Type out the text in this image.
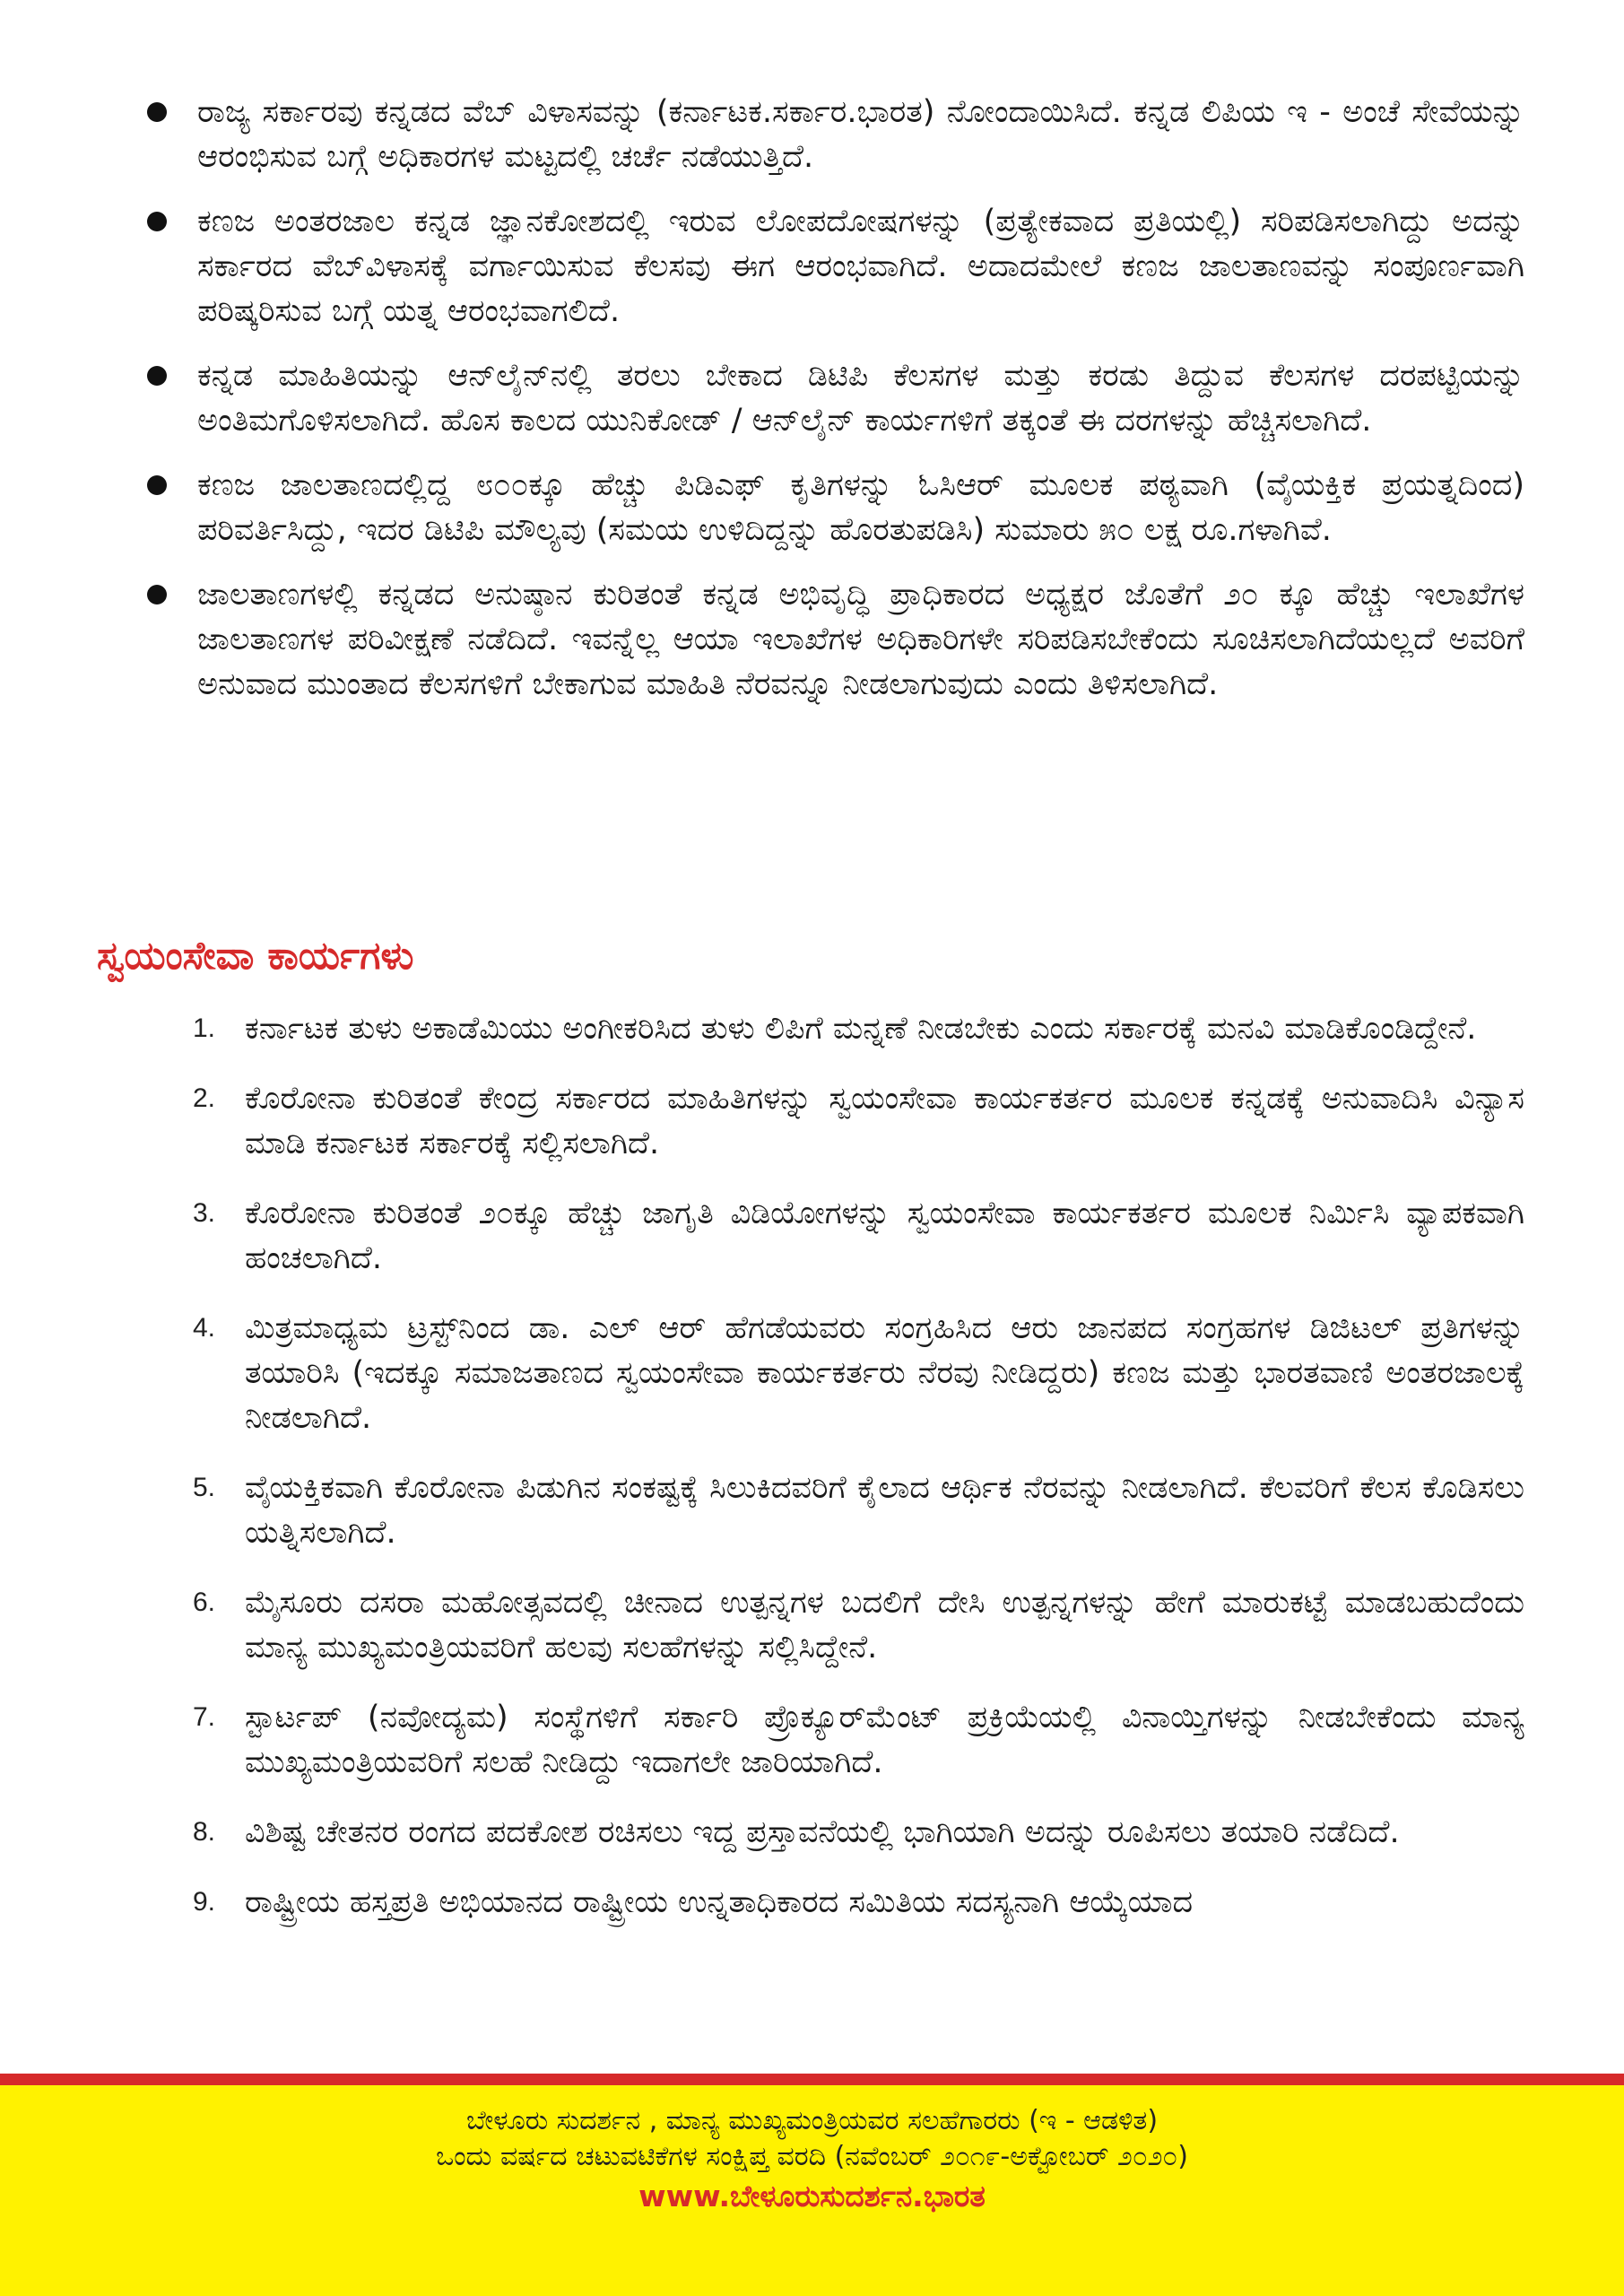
ರಾಜ್ಯ ಸರ್ಕಾರವು ಕನ್ನಡದ ವೆಬ್ ವಿಳಾಸವನ್ನು (ಕರ್ನಾಟಕ.ಸರ್ಕಾರ.ಭಾರತ) ನೋಂದಾಯಿಸಿದೆ. ಕನ್ನಡ ಲಿಪಿಯ ಇ - ಅಂಚೆ ಸೇವೆಯನ್ನು ಆರಂಭಿಸುವ ಬಗ್ಗೆ ಅಧಿಕಾರಗಳ ಮಟ್ಟದಲ್ಲಿ ಚರ್ಚೆ ನಡೆಯುತ್ತಿದೆ.
ಕಣಜ ಅಂತರಜಾಲ ಕನ್ನಡ ಜ್ಞಾನಕೋಶದಲ್ಲಿ ಇರುವ ಲೋಪದೋಷಗಳನ್ನು (ಪ್ರತ್ಯೇಕವಾದ ಪ್ರತಿಯಲ್ಲಿ) ಸರಿಪಡಿಸಲಾಗಿದ್ದು ಅದನ್ನು ಸರ್ಕಾರದ ವೆಬ್‌ವಿಳಾಸಕ್ಕೆ ವರ್ಗಾಯಿಸುವ ಕೆಲಸವು ಈಗ ಆರಂಭವಾಗಿದೆ. ಅದಾದಮೇಲೆ ಕಣಜ ಜಾಲತಾಣವನ್ನು ಸಂಪೂರ್ಣವಾಗಿ ಪರಿಷ್ಕರಿಸುವ ಬಗ್ಗೆ ಯತ್ನ ಆರಂಭವಾಗಲಿದೆ.
ಕನ್ನಡ ಮಾಹಿತಿಯನ್ನು ಆನ್‌ಲೈನ್‌ನಲ್ಲಿ ತರಲು ಬೇಕಾದ ಡಿಟಿಪಿ ಕೆಲಸಗಳ ಮತ್ತು ಕರಡು ತಿದ್ದುವ ಕೆಲಸಗಳ ದರಪಟ್ಟಿಯನ್ನು ಅಂತಿಮಗೊಳಿಸಲಾಗಿದೆ. ಹೊಸ ಕಾಲದ ಯುನಿಕೋಡ್ / ಆನ್‌ಲೈನ್ ಕಾರ್ಯಗಳಿಗೆ ತಕ್ಕಂತೆ ಈ ದರಗಳನ್ನು ಹೆಚ್ಚಿಸಲಾಗಿದೆ.
ಕಣಜ ಜಾಲತಾಣದಲ್ಲಿದ್ದ ೮೦೦ಕ್ಕೂ ಹೆಚ್ಚು ಪಿಡಿಎಫ್ ಕೃತಿಗಳನ್ನು ಓಸಿಆರ್ ಮೂಲಕ ಪಠ್ಯವಾಗಿ (ವೈಯಕ್ತಿಕ ಪ್ರಯತ್ನದಿಂದ) ಪರಿವರ್ತಿಸಿದ್ದು, ಇದರ ಡಿಟಿಪಿ ಮೌಲ್ಯವು (ಸಮಯ ಉಳಿದಿದ್ದನ್ನು ಹೊರತುಪಡಿಸಿ) ಸುಮಾರು ೫೦ ಲಕ್ಷ ರೂ.ಗಳಾಗಿವೆ.
ಜಾಲತಾಣಗಳಲ್ಲಿ ಕನ್ನಡದ ಅನುಷ್ಠಾನ ಕುರಿತಂತೆ ಕನ್ನಡ ಅಭಿವೃದ್ಧಿ ಪ್ರಾಧಿಕಾರದ ಅಧ್ಯಕ್ಷರ ಜೊತೆಗೆ ೨೦ ಕ್ಕೂ ಹೆಚ್ಚು ಇಲಾಖೆಗಳ ಜಾಲತಾಣಗಳ ಪರಿವೀಕ್ಷಣೆ ನಡೆದಿದೆ. ಇವನ್ನೆಲ್ಲ ಆಯಾ ಇಲಾಖೆಗಳ ಅಧಿಕಾರಿಗಳೇ ಸರಿಪಡಿಸಬೇಕೆಂದು ಸೂಚಿಸಲಾಗಿದೆಯಲ್ಲದೆ ಅವರಿಗೆ ಅನುವಾದ ಮುಂತಾದ ಕೆಲಸಗಳಿಗೆ ಬೇಕಾಗುವ ಮಾಹಿತಿ ನೆರವನ್ನೂ ನೀಡಲಾಗುವುದು ಎಂದು ತಿಳಿಸಲಾಗಿದೆ.
ಸ್ವಯಂಸೇವಾ ಕಾರ್ಯಗಳು
1. ಕರ್ನಾಟಕ ತುಳು ಅಕಾಡೆಮಿಯು ಅಂಗೀಕರಿಸಿದ ತುಳು ಲಿಪಿಗೆ ಮನ್ನಣೆ ನೀಡಬೇಕು ಎಂದು ಸರ್ಕಾರಕ್ಕೆ ಮನವಿ ಮಾಡಿಕೊಂಡಿದ್ದೇನೆ.
2. ಕೊರೋನಾ ಕುರಿತಂತೆ ಕೇಂದ್ರ ಸರ್ಕಾರದ ಮಾಹಿತಿಗಳನ್ನು ಸ್ವಯಂಸೇವಾ ಕಾರ್ಯಕರ್ತರ ಮೂಲಕ ಕನ್ನಡಕ್ಕೆ ಅನುವಾದಿಸಿ ವಿನ್ಯಾಸ ಮಾಡಿ ಕರ್ನಾಟಕ ಸರ್ಕಾರಕ್ಕೆ ಸಲ್ಲಿಸಲಾಗಿದೆ.
3. ಕೊರೋನಾ ಕುರಿತಂತೆ ೨೦ಕ್ಕೂ ಹೆಚ್ಚು ಜಾಗೃತಿ ವಿಡಿಯೋಗಳನ್ನು ಸ್ವಯಂಸೇವಾ ಕಾರ್ಯಕರ್ತರ ಮೂಲಕ ನಿರ್ಮಿಸಿ ವ್ಯಾಪಕವಾಗಿ ಹಂಚಲಾಗಿದೆ.
4. ಮಿತ್ರಮಾಧ್ಯಮ ಟ್ರಸ್ಟ್‌ನಿಂದ ಡಾ. ಎಲ್ ಆರ್ ಹೆಗಡೆಯವರು ಸಂಗ್ರಹಿಸಿದ ಆರು ಜಾನಪದ ಸಂಗ್ರಹಗಳ ಡಿಜಿಟಲ್ ಪ್ರತಿಗಳನ್ನು ತಯಾರಿಸಿ (ಇದಕ್ಕೂ ಸಮಾಜತಾಣದ ಸ್ವಯಂಸೇವಾ ಕಾರ್ಯಕರ್ತರು ನೆರವು ನೀಡಿದ್ದರು) ಕಣಜ ಮತ್ತು ಭಾರತವಾಣಿ ಅಂತರಜಾಲಕ್ಕೆ ನೀಡಲಾಗಿದೆ.
5. ವೈಯಕ್ತಿಕವಾಗಿ ಕೊರೋನಾ ಪಿಡುಗಿನ ಸಂಕಷ್ಟಕ್ಕೆ ಸಿಲುಕಿದವರಿಗೆ ಕೈಲಾದ ಆರ್ಥಿಕ ನೆರವನ್ನು ನೀಡಲಾಗಿದೆ. ಕೆಲವರಿಗೆ ಕೆಲಸ ಕೊಡಿಸಲು ಯತ್ನಿಸಲಾಗಿದೆ.
6. ಮೈಸೂರು ದಸರಾ ಮಹೋತ್ಸವದಲ್ಲಿ ಚೀನಾದ ಉತ್ಪನ್ನಗಳ ಬದಲಿಗೆ ದೇಸಿ ಉತ್ಪನ್ನಗಳನ್ನು ಹೇಗೆ ಮಾರುಕಟ್ಟೆ ಮಾಡಬಹುದೆಂದು ಮಾನ್ಯ ಮುಖ್ಯಮಂತ್ರಿಯವರಿಗೆ ಹಲವು ಸಲಹೆಗಳನ್ನು ಸಲ್ಲಿಸಿದ್ದೇನೆ.
7. ಸ್ಟಾರ್ಟಪ್ (ನವೋದ್ಯಮ) ಸಂಸ್ಥೆಗಳಿಗೆ ಸರ್ಕಾರಿ ಪ್ರೊಕ್ಯೂರ್‌ಮೆಂಟ್ ಪ್ರಕ್ರಿಯೆಯಲ್ಲಿ ವಿನಾಯ್ತಿಗಳನ್ನು ನೀಡಬೇಕೆಂದು ಮಾನ್ಯ ಮುಖ್ಯಮಂತ್ರಿಯವರಿಗೆ ಸಲಹೆ ನೀಡಿದ್ದು ಇದಾಗಲೇ ಜಾರಿಯಾಗಿದೆ.
8. ವಿಶಿಷ್ಟ ಚೇತನರ ರಂಗದ ಪದಕೋಶ ರಚಿಸಲು ಇದ್ದ ಪ್ರಸ್ತಾವನೆಯಲ್ಲಿ ಭಾಗಿಯಾಗಿ ಅದನ್ನು ರೂಪಿಸಲು ತಯಾರಿ ನಡೆದಿದೆ.
9. ರಾಷ್ಟ್ರೀಯ ಹಸ್ತಪ್ರತಿ ಅಭಿಯಾನದ ರಾಷ್ಟ್ರೀಯ ಉನ್ನತಾಧಿಕಾರದ ಸಮಿತಿಯ ಸದಸ್ಯನಾಗಿ ಆಯ್ಕೆಯಾದ
ಬೇಳೂರು ಸುದರ್ಶನ , ಮಾನ್ಯ ಮುಖ್ಯಮಂತ್ರಿಯವರ ಸಲಹೆಗಾರರು (ಇ - ಆಡಳಿತ)
ಒಂದು ವರ್ಷದ ಚಟುವಟಿಕೆಗಳ ಸಂಕ್ಷಿಪ್ತ ವರದಿ (ನವೆಂಬರ್ ೨೦೧೯-ಅಕ್ಟೋಬರ್ ೨೦೨೦)
www.ಬೇಳೂರುಸುದರ್ಶನ.ಭಾರತ
